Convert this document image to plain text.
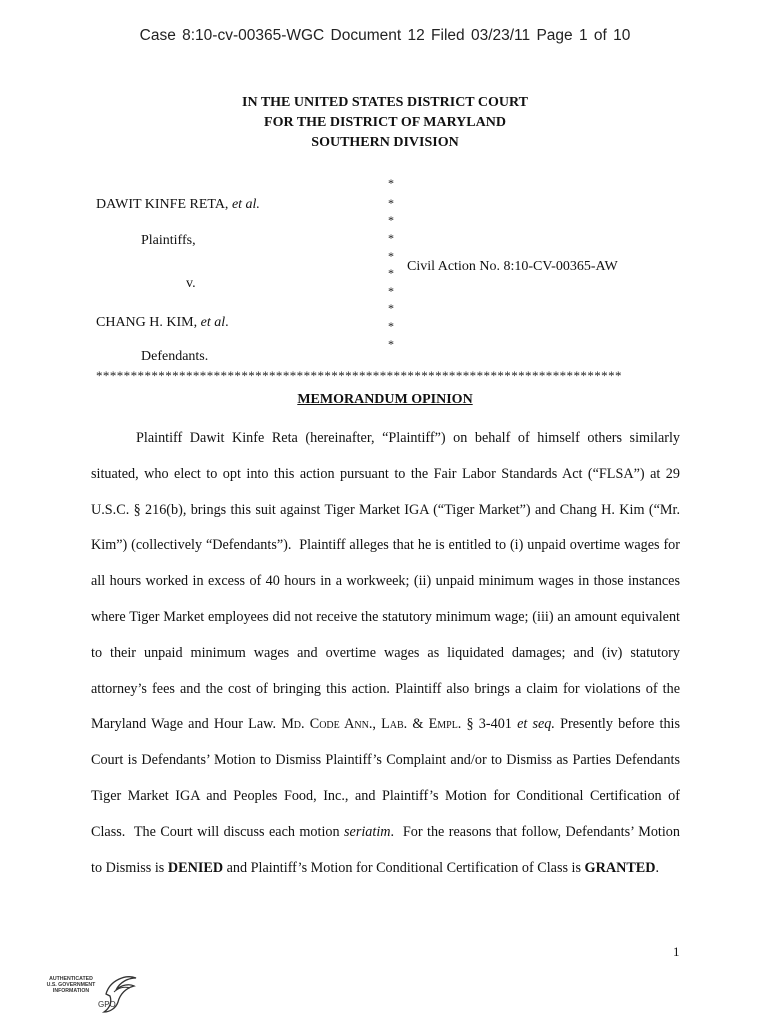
Case 8:10-cv-00365-WGC Document 12 Filed 03/23/11 Page 1 of 10
IN THE UNITED STATES DISTRICT COURT
FOR THE DISTRICT OF MARYLAND
SOUTHERN DIVISION
DAWIT KINFE RETA, et al.
Plaintiffs,
v.
CHANG H. KIM, et al.
Defendants.
Civil Action No. 8:10-CV-00365-AW
*
*
*
*
*
*
*
*
*
*
****************************************************************************
MEMORANDUM OPINION

Plaintiff Dawit Kinfe Reta (hereinafter, “Plaintiff”) on behalf of himself others similarly situated, who elect to opt into this action pursuant to the Fair Labor Standards Act (“FLSA”) at 29 U.S.C. § 216(b), brings this suit against Tiger Market IGA (“Tiger Market”) and Chang H. Kim (“Mr. Kim”) (collectively “Defendants”).  Plaintiff alleges that he is entitled to (i) unpaid overtime wages for all hours worked in excess of 40 hours in a workweek; (ii) unpaid minimum wages in those instances where Tiger Market employees did not receive the statutory minimum wage; (iii) an amount equivalent to their unpaid minimum wages and overtime wages as liquidated damages; and (iv) statutory attorney’s fees and the cost of bringing this action. Plaintiff also brings a claim for violations of the Maryland Wage and Hour Law. Md. Code Ann., Lab. & Empl. § 3-401 et seq. Presently before this Court is Defendants’ Motion to Dismiss Plaintiff’s Complaint and/or to Dismiss as Parties Defendants Tiger Market IGA and Peoples Food, Inc., and Plaintiff’s Motion for Conditional Certification of Class.  The Court will discuss each motion seriatim.  For the reasons that follow, Defendants’ Motion to Dismiss is DENIED and Plaintiff’s Motion for Conditional Certification of Class is GRANTED.

1
AUTHENTICATED
U.S. GOVERNMENT
INFORMATION
GPO
